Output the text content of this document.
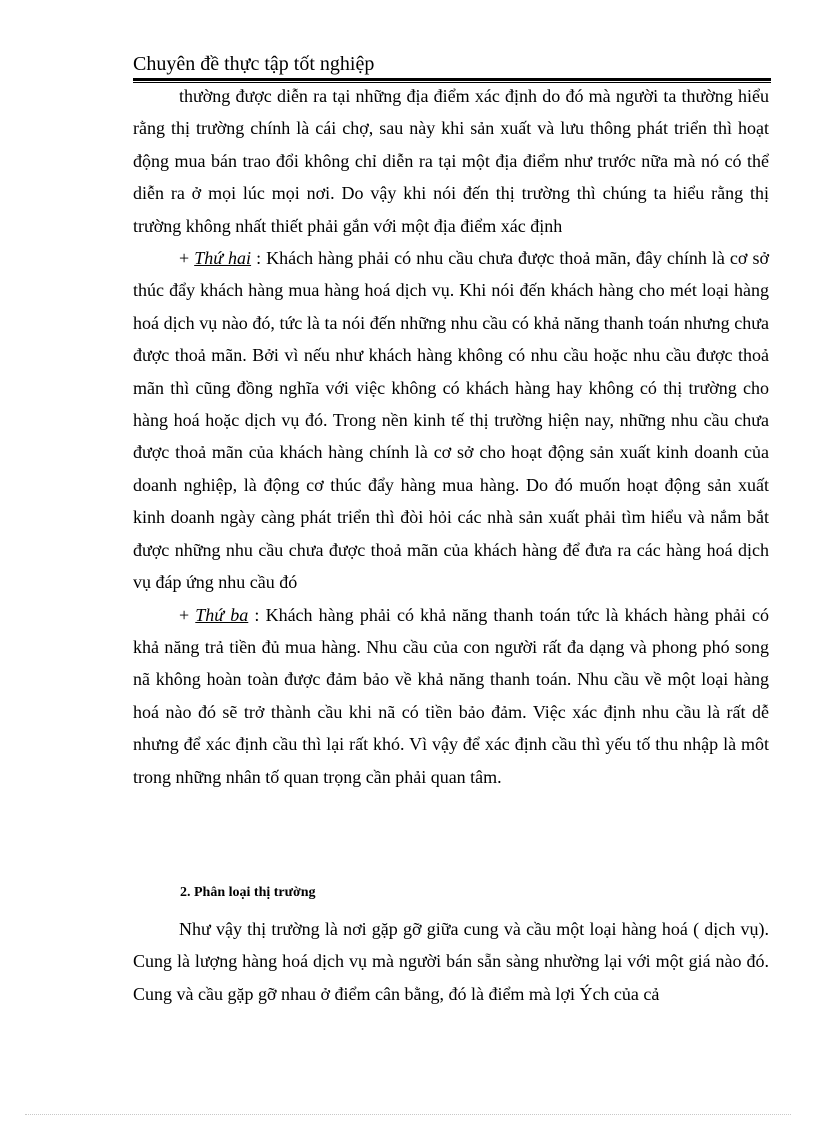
Chuyên đề thực tập tốt nghiệp

thường được diễn ra tại những địa điểm xác định do đó mà người ta thường hiểu rằng thị trường chính là cái chợ, sau này khi sản xuất và lưu thông phát triển thì hoạt động mua bán trao đổi không chỉ diễn ra tại một địa điểm như trước nữa mà nó có thể diễn ra ở mọi lúc mọi nơi. Do vậy khi nói đến thị trường thì chúng ta hiểu rằng thị trường không nhất thiết phải gắn với một địa điểm xác định

+ Thứ hai : Khách hàng phải có nhu cầu chưa được thoả mãn, đây chính là cơ sở thúc đẩy khách hàng mua hàng hoá dịch vụ. Khi nói đến khách hàng cho mét loại hàng hoá dịch vụ nào đó, tức là ta nói đến những nhu cầu có khả năng thanh toán nhưng chưa được thoả mãn. Bởi vì nếu như khách hàng không có nhu cầu hoặc nhu cầu được thoả mãn thì cũng đồng nghĩa với việc không có khách hàng hay không có thị trường cho hàng hoá hoặc dịch vụ đó. Trong nền kinh tế thị trường hiện nay, những nhu cầu chưa được thoả mãn của khách hàng chính là cơ sở cho hoạt động sản xuất kinh doanh của doanh nghiệp, là động cơ thúc đẩy hàng mua hàng. Do đó muốn hoạt động sản xuất kinh doanh ngày càng phát triển thì đòi hỏi các nhà sản xuất phải tìm hiểu và nắm bắt được những nhu cầu chưa được thoả mãn của khách hàng để đưa ra các hàng hoá dịch vụ đáp ứng nhu cầu đó

+ Thứ ba : Khách hàng phải có khả năng thanh toán tức là khách hàng phải có khả năng trả tiền đủ mua hàng. Nhu cầu của con người rất đa dạng và phong phó song nã không hoàn toàn được đảm bảo về khả năng thanh toán. Nhu cầu về một loại hàng hoá nào đó sẽ trở thành cầu khi nã có tiền bảo đảm. Việc xác định nhu cầu là rất dễ nhưng để xác định cầu thì lại rất khó. Vì vậy để xác định cầu thì yếu tố thu nhập là môt trong những nhân tố quan trọng cần phải quan tâm.

2. Phân loại thị trường

Như vậy thị trường là nơi gặp gỡ giữa cung và cầu một loại hàng hoá ( dịch vụ). Cung là lượng hàng hoá dịch vụ mà người bán sẵn sàng nhường lại với một giá nào đó. Cung và cầu gặp gỡ nhau ở điểm cân bằng, đó là điểm mà lợi Ých của cả
